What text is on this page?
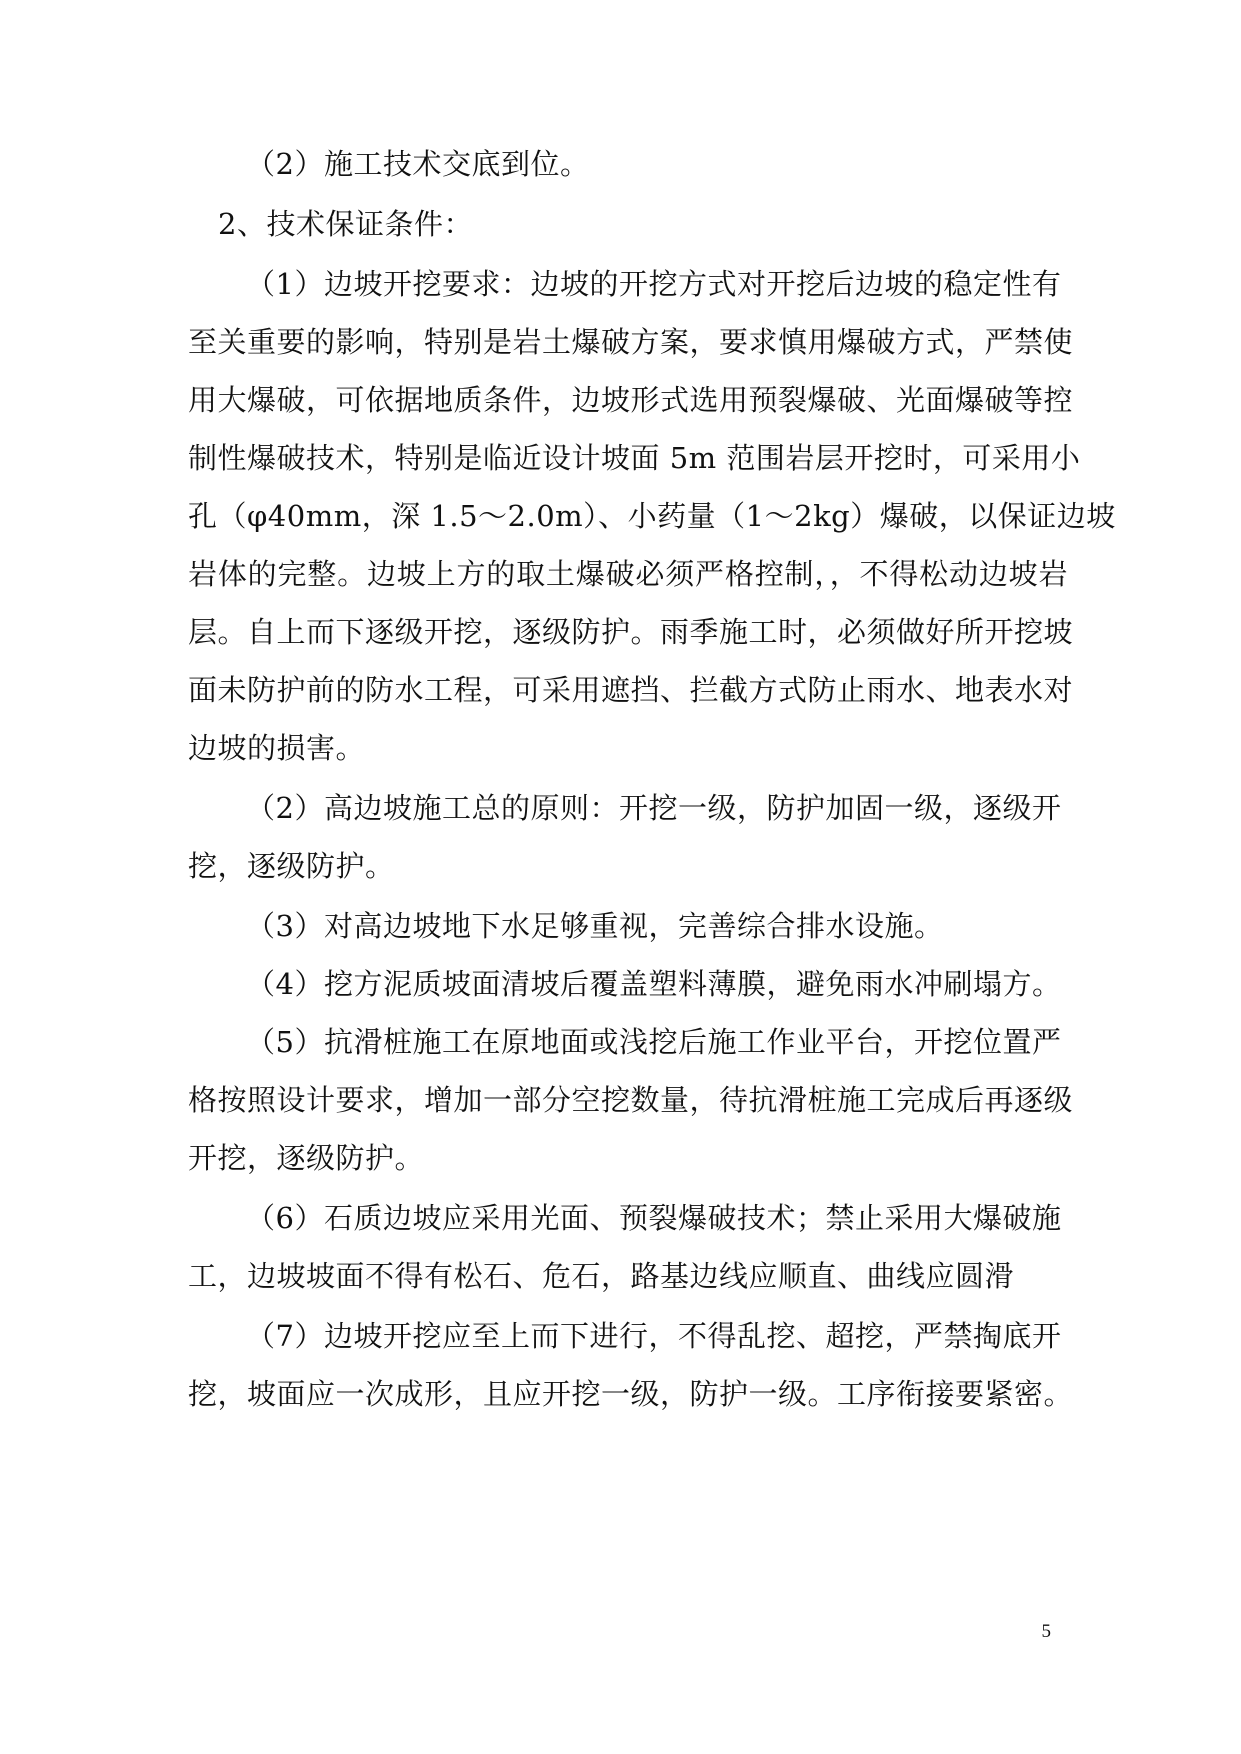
（2）施工技术交底到位。
2、技术保证条件：
（1）边坡开挖要求：边坡的开挖方式对开挖后边坡的稳定性有
至关重要的影响，特别是岩土爆破方案，要求慎用爆破方式，严禁使
用大爆破，可依据地质条件，边坡形式选用预裂爆破、光面爆破等控
制性爆破技术，特别是临近设计坡面 5m 范围岩层开挖时，可采用小
孔（φ40mm，深 1.5～2.0m）、小药量（1～2kg）爆破，以保证边坡
岩体的完整。边坡上方的取土爆破必须严格控制，，不得松动边坡岩
层。自上而下逐级开挖，逐级防护。雨季施工时，必须做好所开挖坡
面未防护前的防水工程，可采用遮挡、拦截方式防止雨水、地表水对
边坡的损害。
（2）高边坡施工总的原则：开挖一级，防护加固一级，逐级开
挖，逐级防护。
（3）对高边坡地下水足够重视，完善综合排水设施。
（4）挖方泥质坡面清坡后覆盖塑料薄膜，避免雨水冲刷塌方。
（5）抗滑桩施工在原地面或浅挖后施工作业平台，开挖位置严
格按照设计要求，增加一部分空挖数量，待抗滑桩施工完成后再逐级
开挖，逐级防护。
（6）石质边坡应采用光面、预裂爆破技术；禁止采用大爆破施
工，边坡坡面不得有松石、危石，路基边线应顺直、曲线应圆滑
（7）边坡开挖应至上而下进行，不得乱挖、超挖，严禁掏底开
挖，坡面应一次成形，且应开挖一级，防护一级。工序衔接要紧密。
5
